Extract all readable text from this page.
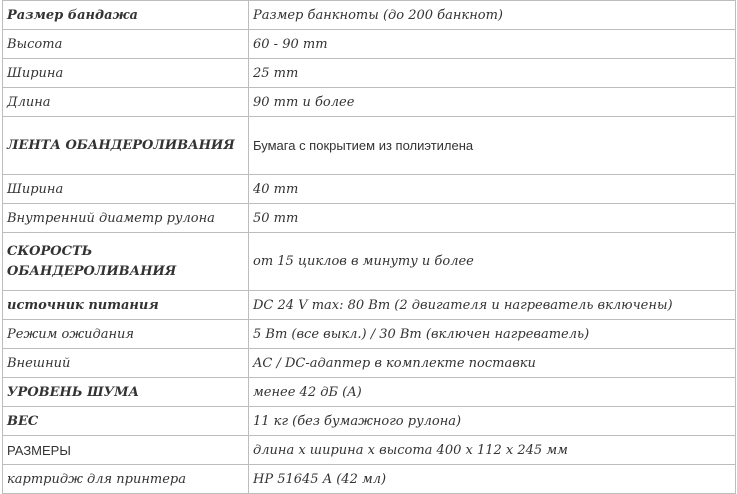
Размер бандажа	Размер банкноты (до 200 банкнот)
Высота	60 - 90 mm
Ширина	25 mm
Длина	90 mm и более
ЛЕНТА ОБАНДЕРОЛИВАНИЯ	Бумага с покрытием из полиэтилена
Ширина	40 mm
Внутренний диаметр рулона	50 mm
СКОРОСТЬ ОБАНДЕРОЛИВАНИЯ	от 15 циклов в минуту и более
источник питания	DC 24 V max: 80 Вт (2 двигателя и нагреватель включены)
Режим ожидания	5 Вт (все выкл.) / 30 Вт (включен нагреватель)
Внешний	AC / DC-адаптер в комплекте поставки
УРОВЕНЬ ШУМА	менее 42 дБ (A)
ВЕС	11 кг (без бумажного рулона)
РАЗМЕРЫ	длина x ширина x высота 400 x 112 x 245 мм
картридж для принтера	HP 51645 A (42 мл)
